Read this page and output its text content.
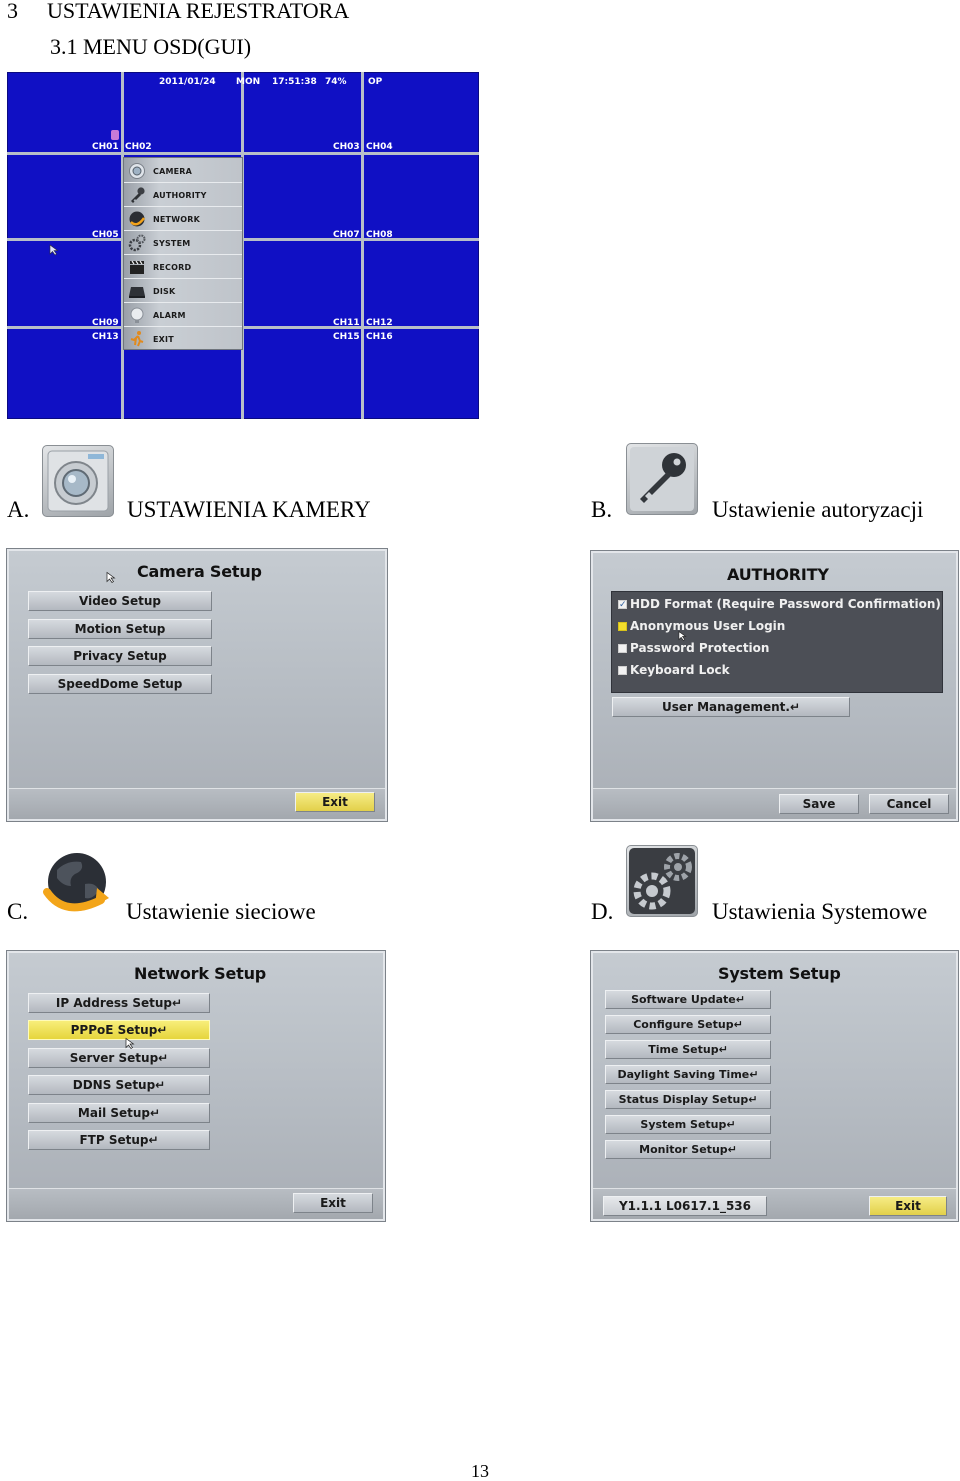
3 USTAWIENIA REJESTRATORA
3.1 MENU OSD(GUI)
2011/01/24 MON 17:51:38 74% OP
CH01 CH02	CH03 CH04
CH05	CH07 CH08
CH09	CH11 CH12
CH13	CH15 CH16
CAMERA
AUTHORITY
NETWORK
SYSTEM
RECORD
DISK
ALARM
EXIT
A.	USTAWIENIA KAMERY	B.	Ustawienie autoryzacji
Camera Setup
Video Setup
Motion Setup
Privacy Setup
SpeedDome Setup
Exit
AUTHORITY
✓
HDD Format (Require Password Confirmation)
Anonymous User Login
Password Protection
Keyboard Lock
User Management.↵
Save	Cancel
C.	Ustawienie sieciowe	D.	Ustawienia Systemowe
Network Setup
IP Address Setup↵
PPPoE Setup↵
Server Setup↵
DDNS Setup↵
Mail Setup↵
FTP Setup↵
Exit
System Setup
Software Update↵
Configure Setup↵
Time Setup↵
Daylight Saving Time↵
Status Display Setup↵
System Setup↵
Monitor Setup↵
Y1.1.1 L0617.1_536	Exit
13
